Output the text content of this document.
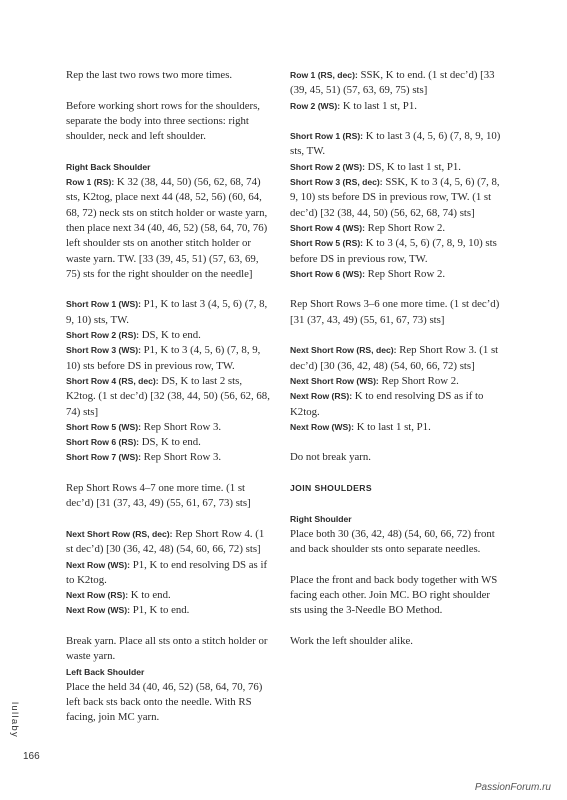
Rep the last two rows two more times.

Before working short rows for the shoulders, separate the body into three sections: right shoulder, neck and left shoulder.

Right Back Shoulder
Row 1 (RS): K 32 (38, 44, 50) (56, 62, 68, 74) sts, K2tog, place next 44 (48, 52, 56) (60, 64, 68, 72) neck sts on stitch holder or waste yarn, then place next 34 (40, 46, 52) (58, 64, 70, 76) left shoulder sts on another stitch holder or waste yarn. TW. [33 (39, 45, 51) (57, 63, 69, 75) sts for the right shoulder on the needle]
Short Row 1 (WS): P1, K to last 3 (4, 5, 6) (7, 8, 9, 10) sts, TW.
Short Row 2 (RS): DS, K to end.
Short Row 3 (WS): P1, K to 3 (4, 5, 6) (7, 8, 9, 10) sts before DS in previous row, TW.
Short Row 4 (RS, dec): DS, K to last 2 sts, K2tog. (1 st dec’d) [32 (38, 44, 50) (56, 62, 68, 74) sts]
Short Row 5 (WS): Rep Short Row 3.
Short Row 6 (RS): DS, K to end.
Short Row 7 (WS): Rep Short Row 3.

Rep Short Rows 4–7 one more time. (1 st dec’d) [31 (37, 43, 49) (55, 61, 67, 73) sts]

Next Short Row (RS, dec): Rep Short Row 4. (1 st dec’d) [30 (36, 42, 48) (54, 60, 66, 72) sts]
Next Row (WS): P1, K to end resolving DS as if to K2tog.
Next Row (RS): K to end.
Next Row (WS): P1, K to end.
Break yarn. Place all sts onto a stitch holder or waste yarn.
Left Back Shoulder
Place the held 34 (40, 46, 52) (58, 64, 70, 76) left back sts back onto the needle. With RS facing, join MC yarn.
Row 1 (RS, dec): SSK, K to end. (1 st dec’d) [33 (39, 45, 51) (57, 63, 69, 75) sts]
Row 2 (WS): K to last 1 st, P1.
Short Row 1 (RS): K to last 3 (4, 5, 6) (7, 8, 9, 10) sts, TW.
Short Row 2 (WS): DS, K to last 1 st, P1.
Short Row 3 (RS, dec): SSK, K to 3 (4, 5, 6) (7, 8, 9, 10) sts before DS in previous row, TW. (1 st dec’d) [32 (38, 44, 50) (56, 62, 68, 74) sts]
Short Row 4 (WS): Rep Short Row 2.
Short Row 5 (RS): K to 3 (4, 5, 6) (7, 8, 9, 10) sts before DS in previous row, TW.
Short Row 6 (WS): Rep Short Row 2.

Rep Short Rows 3–6 one more time. (1 st dec’d) [31 (37, 43, 49) (55, 61, 67, 73) sts]

Next Short Row (RS, dec): Rep Short Row 3. (1 st dec’d) [30 (36, 42, 48) (54, 60, 66, 72) sts]
Next Short Row (WS): Rep Short Row 2.
Next Row (RS): K to end resolving DS as if to K2tog.
Next Row (WS): K to last 1 st, P1.

Do not break yarn.

JOIN SHOULDERS
Right Shoulder
Place both 30 (36, 42, 48) (54, 60, 66, 72) front and back shoulder sts onto separate needles.

Place the front and back body together with WS facing each other. Join MC. BO right shoulder sts using the 3-Needle BO Method.

Work the left shoulder alike.

lullaby
166
PassionForum.ru
